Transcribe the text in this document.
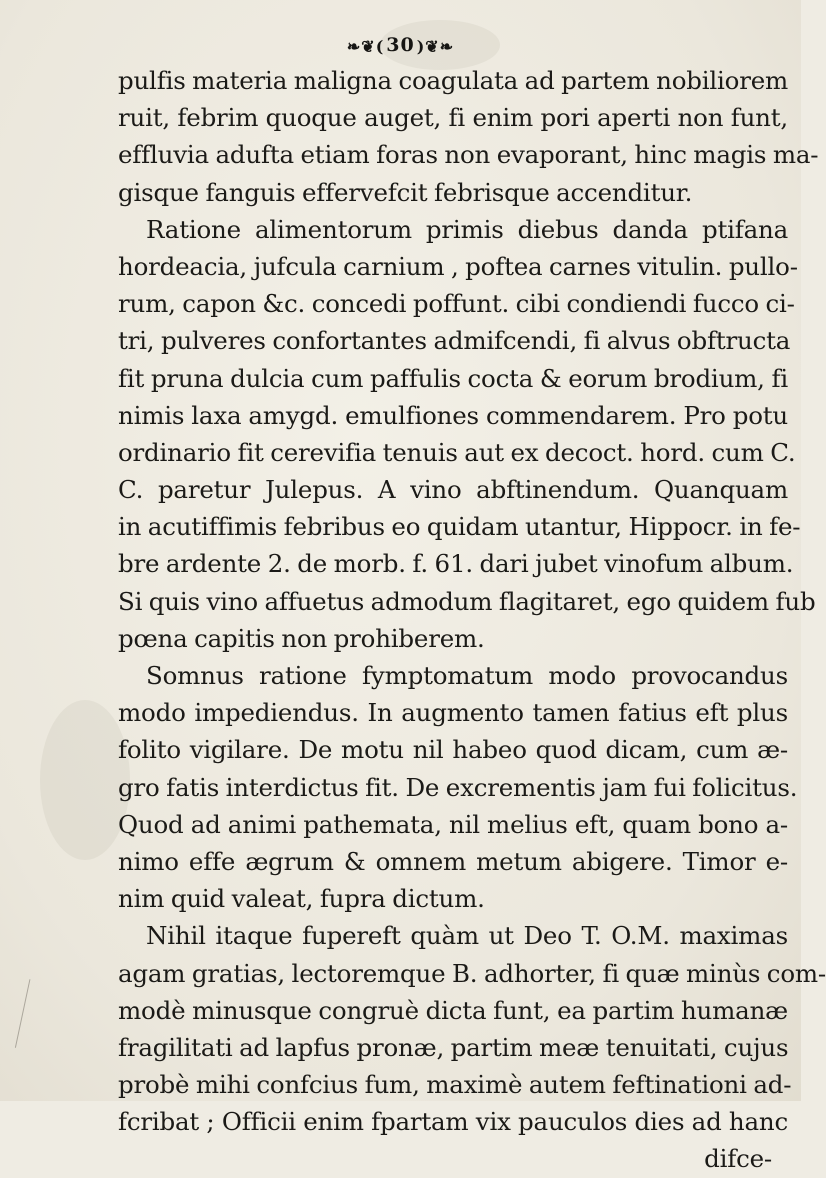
❧❦( 30 )❦❧
pulfis materia maligna coagulata ad partem nobiliorem
ruit, febrim quoque auget, fi enim pori aperti non funt,
effluvia adufta etiam foras non evaporant, hinc magis ma-
gisque fanguis effervefcit febrisque accenditur.
Ratione alimentorum primis diebus danda ptifana
hordeacia, jufcula carnium , poftea carnes vitulin. pullo-
rum, capon &c. concedi poffunt. cibi condiendi fucco ci-
tri, pulveres confortantes admifcendi, fi alvus obftructa
fit pruna dulcia cum paffulis cocta & eorum brodium, fi
nimis laxa amygd. emulfiones commendarem. Pro potu
ordinario fit cerevifia tenuis aut ex decoct. hord. cum C.
C. paretur Julepus. A vino abftinendum. Quanquam
in acutiffimis febribus eo quidam utantur, Hippocr. in fe-
bre ardente 2. de morb. f. 61. dari jubet vinofum album.
Si quis vino affuetus admodum flagitaret, ego quidem fub
pœna capitis non prohiberem.
Somnus ratione fymptomatum modo provocandus
modo impediendus. In augmento tamen fatius eft plus
folito vigilare. De motu nil habeo quod dicam, cum æ-
gro fatis interdictus fit. De excrementis jam fui folicitus.
Quod ad animi pathemata, nil melius eft, quam bono a-
nimo effe ægrum & omnem metum abigere. Timor e-
nim quid valeat, fupra dictum.
Nihil itaque fupereft quàm ut Deo T. O.M. maximas
agam gratias, lectoremque B. adhorter, fi quæ minùs com-
modè minusque congruè dicta funt, ea partim humanæ
fragilitati ad lapfus pronæ, partim meæ tenuitati, cujus
probè mihi confcius fum, maximè autem feftinationi ad-
fcribat ; Officii enim fpartam vix pauculos dies ad hanc
difce-
